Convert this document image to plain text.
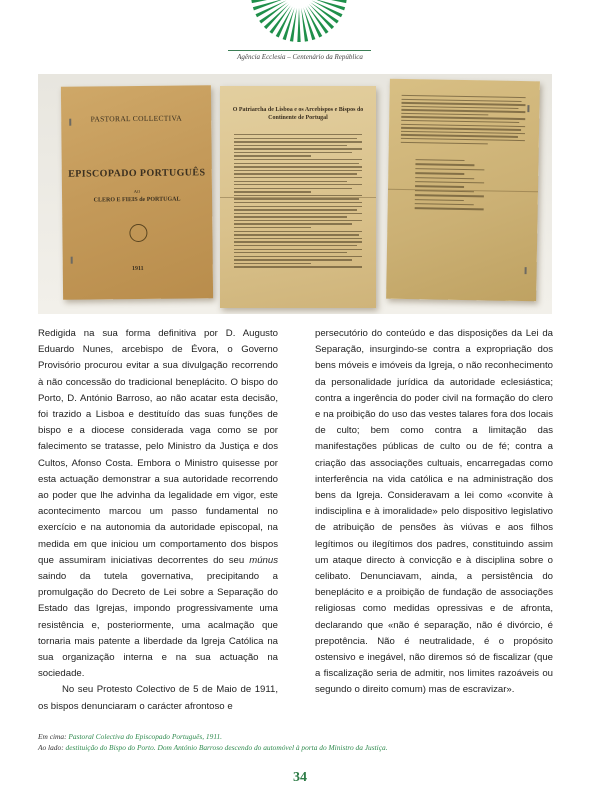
Agência Ecclesia – Centenário da República
PASTORAL COLLECTIVA
EPISCOPADO PORTUGUÊS
AO
CLERO E FIEIS de PORTUGAL
1911
O Patriarcha de Lisboa e os Arcebispos e Bispos do Continente de Portugal

Redigida na sua forma definitiva por D. Augusto Eduardo Nunes, arcebispo de Évora, o Governo Provisório procurou evitar a sua divulgação recorrendo à não concessão do tradicional beneplácito. O bispo do Porto, D. António Barroso, ao não acatar esta decisão, foi trazido a Lisboa e destituído das suas funções de bispo e a diocese considerada vaga como se por falecimento se tratasse, pelo Ministro da Justiça e dos Cultos, Afonso Costa. Embora o Ministro quisesse por esta actuação demonstrar a sua autoridade recorrendo ao poder que lhe advinha da legalidade em vigor, este acontecimento marcou um passo fundamental no exercício e na autonomia da autoridade episcopal, na medida em que iniciou um comportamento dos bispos que assumiram iniciativas decorrentes do seu múnus saindo da tutela governativa, precipitando a promulgação do Decreto de Lei sobre a Separação do Estado das Igrejas, impondo progressivamente uma resistência e, posteriormente, uma acalmação que tornaria mais patente a liberdade da Igreja Católica na sua organização interna e na sua actuação na sociedade.

No seu Protesto Colectivo de 5 de Maio de 1911, os bispos denunciaram o carácter afrontoso e

persecutório do conteúdo e das disposições da Lei da Separação, insurgindo-se contra a expropriação dos bens móveis e imóveis da Igreja, o não reconhecimento da personalidade jurídica da autoridade eclesiástica; contra a ingerência do poder civil na formação do clero e na proibição do uso das vestes talares fora dos locais de culto; bem como contra a limitação das manifestações públicas de culto ou de fé; contra a criação das associações cultuais, encarregadas como interferência na vida católica e na administração dos bens da Igreja. Consideravam a lei como «convite à indisciplina e à imoralidade» pelo dispositivo legislativo de atribuição de pensões às viúvas e aos filhos legítimos ou ilegítimos dos padres, constituindo assim um ataque directo à convicção e à disciplina sobre o celibato. Denunciavam, ainda, a persistência do beneplácito e a proibição de fundação de associações religiosas como medidas opressivas e de afronta, declarando que «não é separação, não é divórcio, é prepotência. Não é neutralidade, é o propósito ostensivo e inegável, não diremos só de fiscalizar (que a fiscalização seria de admitir, nos limites razoáveis ou segundo o direito comum) mas de escravizar».

Em cima: Pastoral Colectiva do Episcopado Português, 1911.
Ao lado: destituição do Bispo do Porto. Dom António Barroso descendo do automóvel à porta do Ministro da Justiça.
34
